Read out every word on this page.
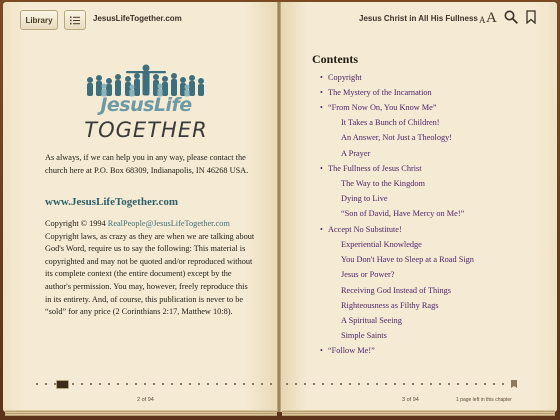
Library	JesusLifeTogether.com	Jesus Christ in All His Fullness A A
JesusLife
TOGETHER
As always, if we can help you in any way, please contact the church here at P.O. Box 68309, Indianapolis, IN 46268 USA.
www.JesusLifeTogether.com
Copyright © 1994 RealPeople@JesusLifeTogether.com Copyright laws, as crazy as they are when we are talking about God's Word, require us to say the following: This material is copyrighted and may not be quoted and/or reproduced without its complete context (the entire document) except by the author's permission. You may, however, freely reproduce this in its entirety. And, of course, this publication is never to be “sold” for any price (2 Corinthians 2:17, Matthew 10:8).
Contents
• Copyright
• The Mystery of the Incarnation
• “From Now On, You Know Me”
It Takes a Bunch of Children!
An Answer, Not Just a Theology!
A Prayer
• The Fullness of Jesus Christ
The Way to the Kingdom
Dying to Live
“Son of David, Have Mercy on Me!”
• Accept No Substitute!
Experiential Knowledge
You Don't Have to Sleep at a Road Sign
Jesus or Power?
Receiving God Instead of Things
Righteousness as Filthy Rags
A Spiritual Seeing
Simple Saints
• “Follow Me!”
2 of 94	3 of 94	1 page left in this chapter
